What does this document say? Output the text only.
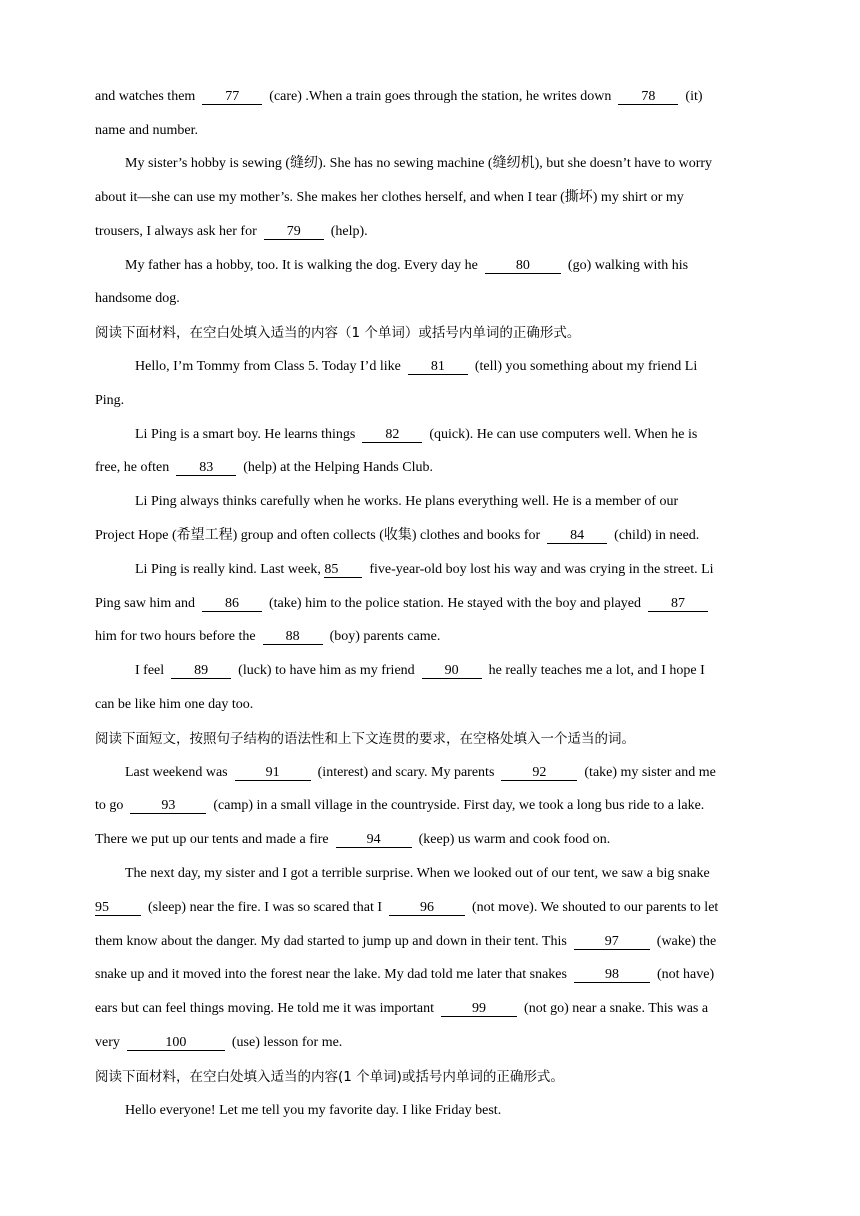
and watches them  77  (care) .When a train goes through the station, he writes down  78  (it)
name and number.
My sister’s hobby is sewing (缝纫). She has no sewing machine (缝纫机), but she doesn’t have to worry
about it—she can use my mother’s. She makes her clothes herself, and when I tear (撕坏) my shirt or my
trousers, I always ask her for  79  (help).
My father has a hobby, too. It is walking the dog. Every day he  80  (go) walking with his
handsome dog.
阅读下面材料，在空白处填入适当的内容（1 个单词）或括号内单词的正确形式。
Hello, I’m Tommy from Class 5. Today I’d like  81  (tell) you something about my friend Li
Ping.
Li Ping is a smart boy. He learns things  82  (quick). He can use computers well. When he is
free, he often  83  (help) at the Helping Hands Club.
Li Ping always thinks carefully when he works. He plans everything well. He is a member of our
Project Hope (希望工程) group and often collects (收集) clothes and books for  84  (child) in need.
Li Ping is really kind. Last week, 85  five-year-old boy lost his way and was crying in the street. Li
Ping saw him and  86  (take) him to the police station. He stayed with the boy and played  87
him for two hours before the  88  (boy) parents came.
I feel  89  (luck) to have him as my friend  90  he really teaches me a lot, and I hope I
can be like him one day too.
阅读下面短文，按照句子结构的语法性和上下文连贯的要求，在空格处填入一个适当的词。
Last weekend was  91  (interest) and scary. My parents  92  (take) my sister and me
to go  93  (camp) in a small village in the countryside. First day, we took a long bus ride to a lake.
There we put up our tents and made a fire  94  (keep) us warm and cook food on.
The next day, my sister and I got a terrible surprise. When we looked out of our tent, we saw a big snake
95  (sleep) near the fire. I was so scared that I  96  (not move). We shouted to our parents to let
them know about the danger. My dad started to jump up and down in their tent. This  97  (wake) the
snake up and it moved into the forest near the lake. My dad told me later that snakes  98  (not have)
ears but can feel things moving. He told me it was important  99  (not go) near a snake. This was a
very	100	(use) lesson for me.
阅读下面材料，在空白处填入适当的内容(1 个单词)或括号内单词的正确形式。
Hello everyone! Let me tell you my favorite day. I like Friday best.
